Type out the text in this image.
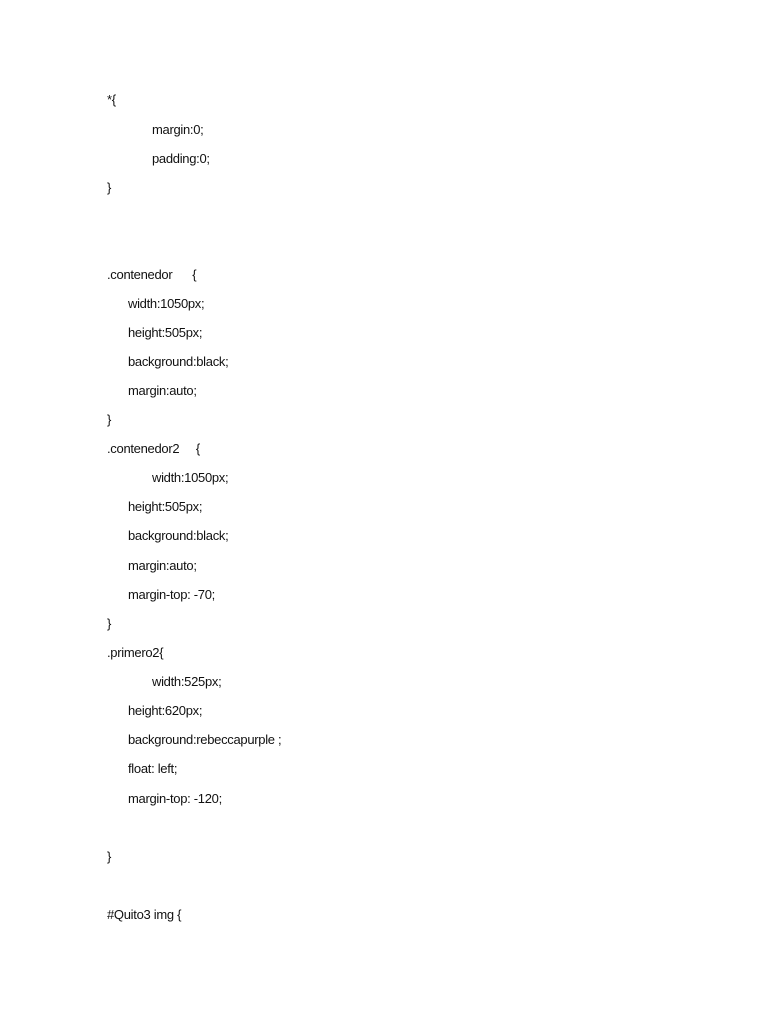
*{
margin:0;
padding:0;
}
.contenedor      {
width:1050px;
height:505px;
background:black;
margin:auto;
}
.contenedor2     {
width:1050px;
height:505px;
background:black;
margin:auto;
margin-top: -70;
}
.primero2{
width:525px;
height:620px;
background:rebeccapurple ;
float: left;
margin-top: -120;
}
#Quito3 img {
